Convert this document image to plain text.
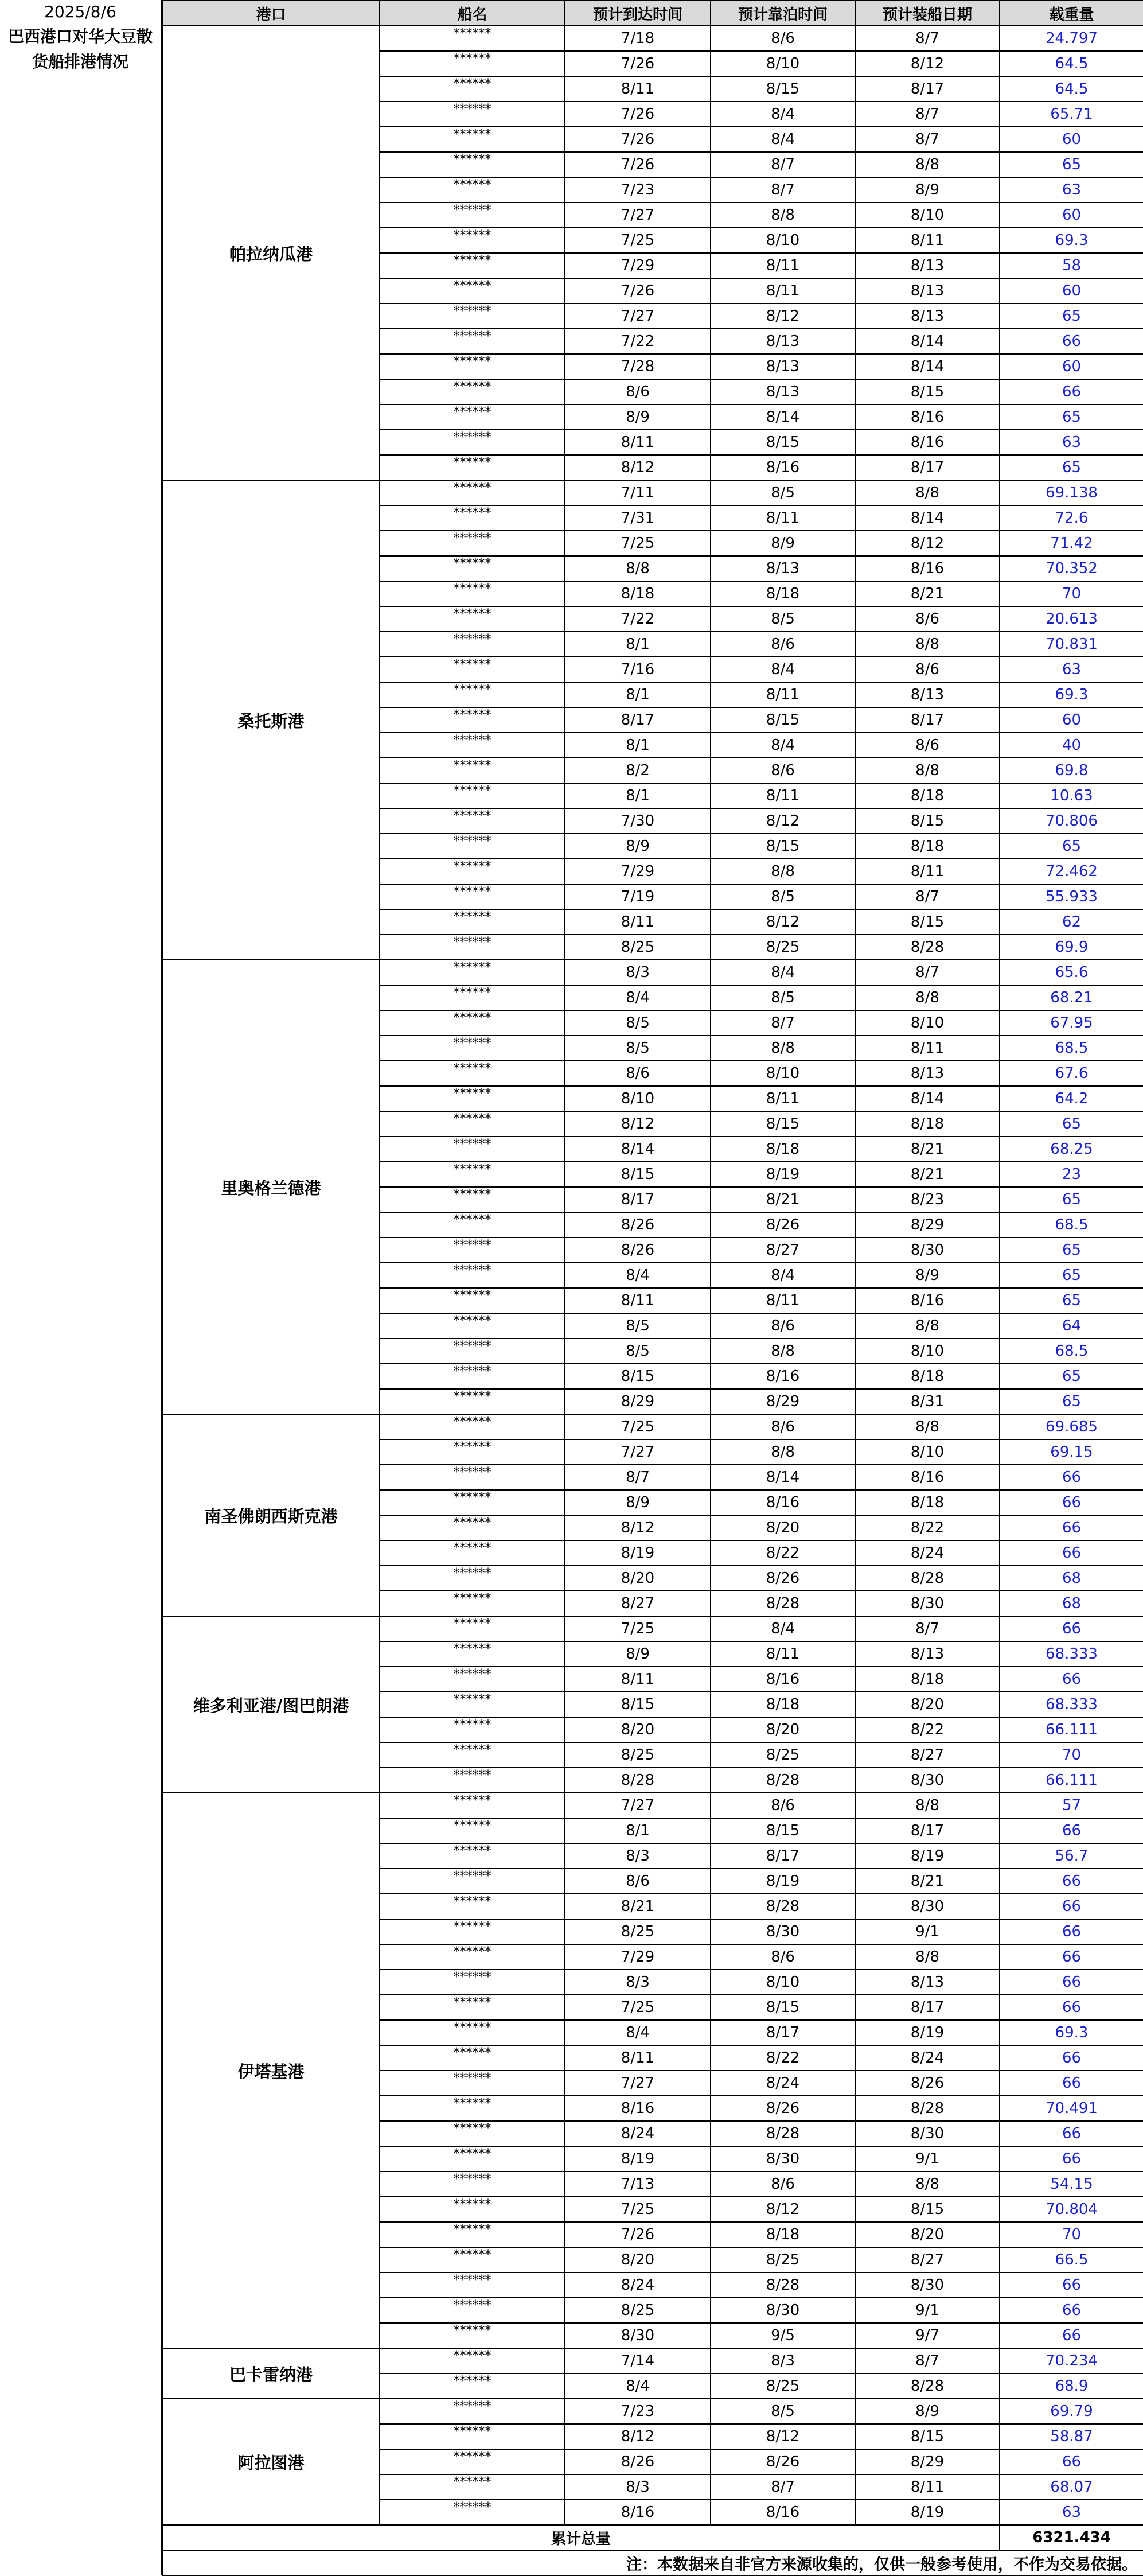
2025/8/6
巴西港口对华大豆散货船排港情况
港口	船名	预计到达时间	预计靠泊时间	预计装船日期	载重量
帕拉纳瓜港	******	7/18	8/6	8/7	24.797
	******	7/26	8/10	8/12	64.5
	******	8/11	8/15	8/17	64.5
	******	7/26	8/4	8/7	65.71
	******	7/26	8/4	8/7	60
	******	7/26	8/7	8/8	65
	******	7/23	8/7	8/9	63
	******	7/27	8/8	8/10	60
	******	7/25	8/10	8/11	69.3
	******	7/29	8/11	8/13	58
	******	7/26	8/11	8/13	60
	******	7/27	8/12	8/13	65
	******	7/22	8/13	8/14	66
	******	7/28	8/13	8/14	60
	******	8/6	8/13	8/15	66
	******	8/9	8/14	8/16	65
	******	8/11	8/15	8/16	63
	******	8/12	8/16	8/17	65
桑托斯港	******	7/11	8/5	8/8	69.138
	******	7/31	8/11	8/14	72.6
	******	7/25	8/9	8/12	71.42
	******	8/8	8/13	8/16	70.352
	******	8/18	8/18	8/21	70
	******	7/22	8/5	8/6	20.613
	******	8/1	8/6	8/8	70.831
	******	7/16	8/4	8/6	63
	******	8/1	8/11	8/13	69.3
	******	8/17	8/15	8/17	60
	******	8/1	8/4	8/6	40
	******	8/2	8/6	8/8	69.8
	******	8/1	8/11	8/18	10.63
	******	7/30	8/12	8/15	70.806
	******	8/9	8/15	8/18	65
	******	7/29	8/8	8/11	72.462
	******	7/19	8/5	8/7	55.933
	******	8/11	8/12	8/15	62
	******	8/25	8/25	8/28	69.9
里奥格兰德港	******	8/3	8/4	8/7	65.6
	******	8/4	8/5	8/8	68.21
	******	8/5	8/7	8/10	67.95
	******	8/5	8/8	8/11	68.5
	******	8/6	8/10	8/13	67.6
	******	8/10	8/11	8/14	64.2
	******	8/12	8/15	8/18	65
	******	8/14	8/18	8/21	68.25
	******	8/15	8/19	8/21	23
	******	8/17	8/21	8/23	65
	******	8/26	8/26	8/29	68.5
	******	8/26	8/27	8/30	65
	******	8/4	8/4	8/9	65
	******	8/11	8/11	8/16	65
	******	8/5	8/6	8/8	64
	******	8/5	8/8	8/10	68.5
	******	8/15	8/16	8/18	65
	******	8/29	8/29	8/31	65
南圣佛朗西斯克港	******	7/25	8/6	8/8	69.685
	******	7/27	8/8	8/10	69.15
	******	8/7	8/14	8/16	66
	******	8/9	8/16	8/18	66
	******	8/12	8/20	8/22	66
	******	8/19	8/22	8/24	66
	******	8/20	8/26	8/28	68
	******	8/27	8/28	8/30	68
维多利亚港/图巴朗港	******	7/25	8/4	8/7	66
	******	8/9	8/11	8/13	68.333
	******	8/11	8/16	8/18	66
	******	8/15	8/18	8/20	68.333
	******	8/20	8/20	8/22	66.111
	******	8/25	8/25	8/27	70
	******	8/28	8/28	8/30	66.111
伊塔基港	******	7/27	8/6	8/8	57
	******	8/1	8/15	8/17	66
	******	8/3	8/17	8/19	56.7
	******	8/6	8/19	8/21	66
	******	8/21	8/28	8/30	66
	******	8/25	8/30	9/1	66
	******	7/29	8/6	8/8	66
	******	8/3	8/10	8/13	66
	******	7/25	8/15	8/17	66
	******	8/4	8/17	8/19	69.3
	******	8/11	8/22	8/24	66
	******	7/27	8/24	8/26	66
	******	8/16	8/26	8/28	70.491
	******	8/24	8/28	8/30	66
	******	8/19	8/30	9/1	66
	******	7/13	8/6	8/8	54.15
	******	7/25	8/12	8/15	70.804
	******	7/26	8/18	8/20	70
	******	8/20	8/25	8/27	66.5
	******	8/24	8/28	8/30	66
	******	8/25	8/30	9/1	66
	******	8/30	9/5	9/7	66
巴卡雷纳港	******	7/14	8/3	8/7	70.234
	******	8/4	8/25	8/28	68.9
阿拉图港	******	7/23	8/5	8/9	69.79
	******	8/12	8/12	8/15	58.87
	******	8/26	8/26	8/29	66
	******	8/3	8/7	8/11	68.07
	******	8/16	8/16	8/19	63
累计总量					6321.434
注：本数据来自非官方来源收集的，仅供一般参考使用，不作为交易依据。					
